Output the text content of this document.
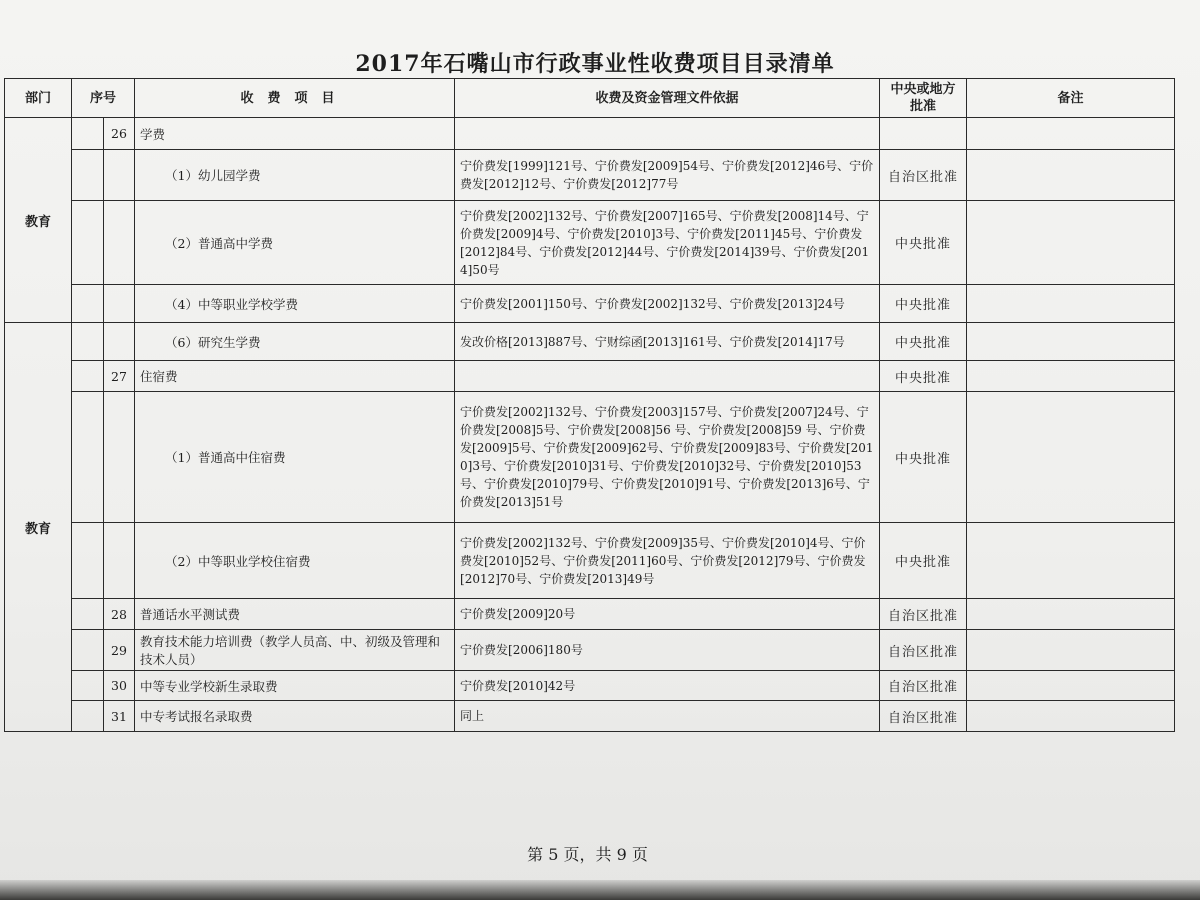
2017年石嘴山市行政事业性收费项目目录清单
部门	序号		收费项目	收费及资金管理文件依据	中央或地方批准	备注
教育		26	学费			
			（1）幼儿园学费	宁价费发[1999]121号、宁价费发[2009]54号、宁价费发[2012]46号、宁价费发[2012]12号、宁价费发[2012]77号	自治区批准	
			（2）普通高中学费	宁价费发[2002]132号、宁价费发[2007]165号、宁价费发[2008]14号、宁价费发[2009]4号、宁价费发[2010]3号、宁价费发[2011]45号、宁价费发[2012]84号、宁价费发[2012]44号、宁价费发[2014]39号、宁价费发[2014]50号	中央批准	
			（4）中等职业学校学费	宁价费发[2001]150号、宁价费发[2002]132号、宁价费发[2013]24号	中央批准	
教育			（6）研究生学费	发改价格[2013]887号、宁财综函[2013]161号、宁价费发[2014]17号	中央批准	
		27	住宿费		中央批准	
			（1）普通高中住宿费	宁价费发[2002]132号、宁价费发[2003]157号、宁价费发[2007]24号、宁价费发[2008]5号、宁价费发[2008]56 号、宁价费发[2008]59 号、宁价费发[2009]5号、宁价费发[2009]62号、宁价费发[2009]83号、宁价费发[2010]3号、宁价费发[2010]31号、宁价费发[2010]32号、宁价费发[2010]53号、宁价费发[2010]79号、宁价费发[2010]91号、宁价费发[2013]6号、宁价费发[2013]51号	中央批准	
			（2）中等职业学校住宿费	宁价费发[2002]132号、宁价费发[2009]35号、宁价费发[2010]4号、宁价费发[2010]52号、宁价费发[2011]60号、宁价费发[2012]79号、宁价费发[2012]70号、宁价费发[2013]49号	中央批准	
		28	普通话水平测试费	宁价费发[2009]20号	自治区批准	
		29	教育技术能力培训费（教学人员高、中、初级及管理和技术人员）	宁价费发[2006]180号	自治区批准	
		30	中等专业学校新生录取费	宁价费发[2010]42号	自治区批准	
		31	中专考试报名录取费	同上	自治区批准	
第 5 页，共 9 页
